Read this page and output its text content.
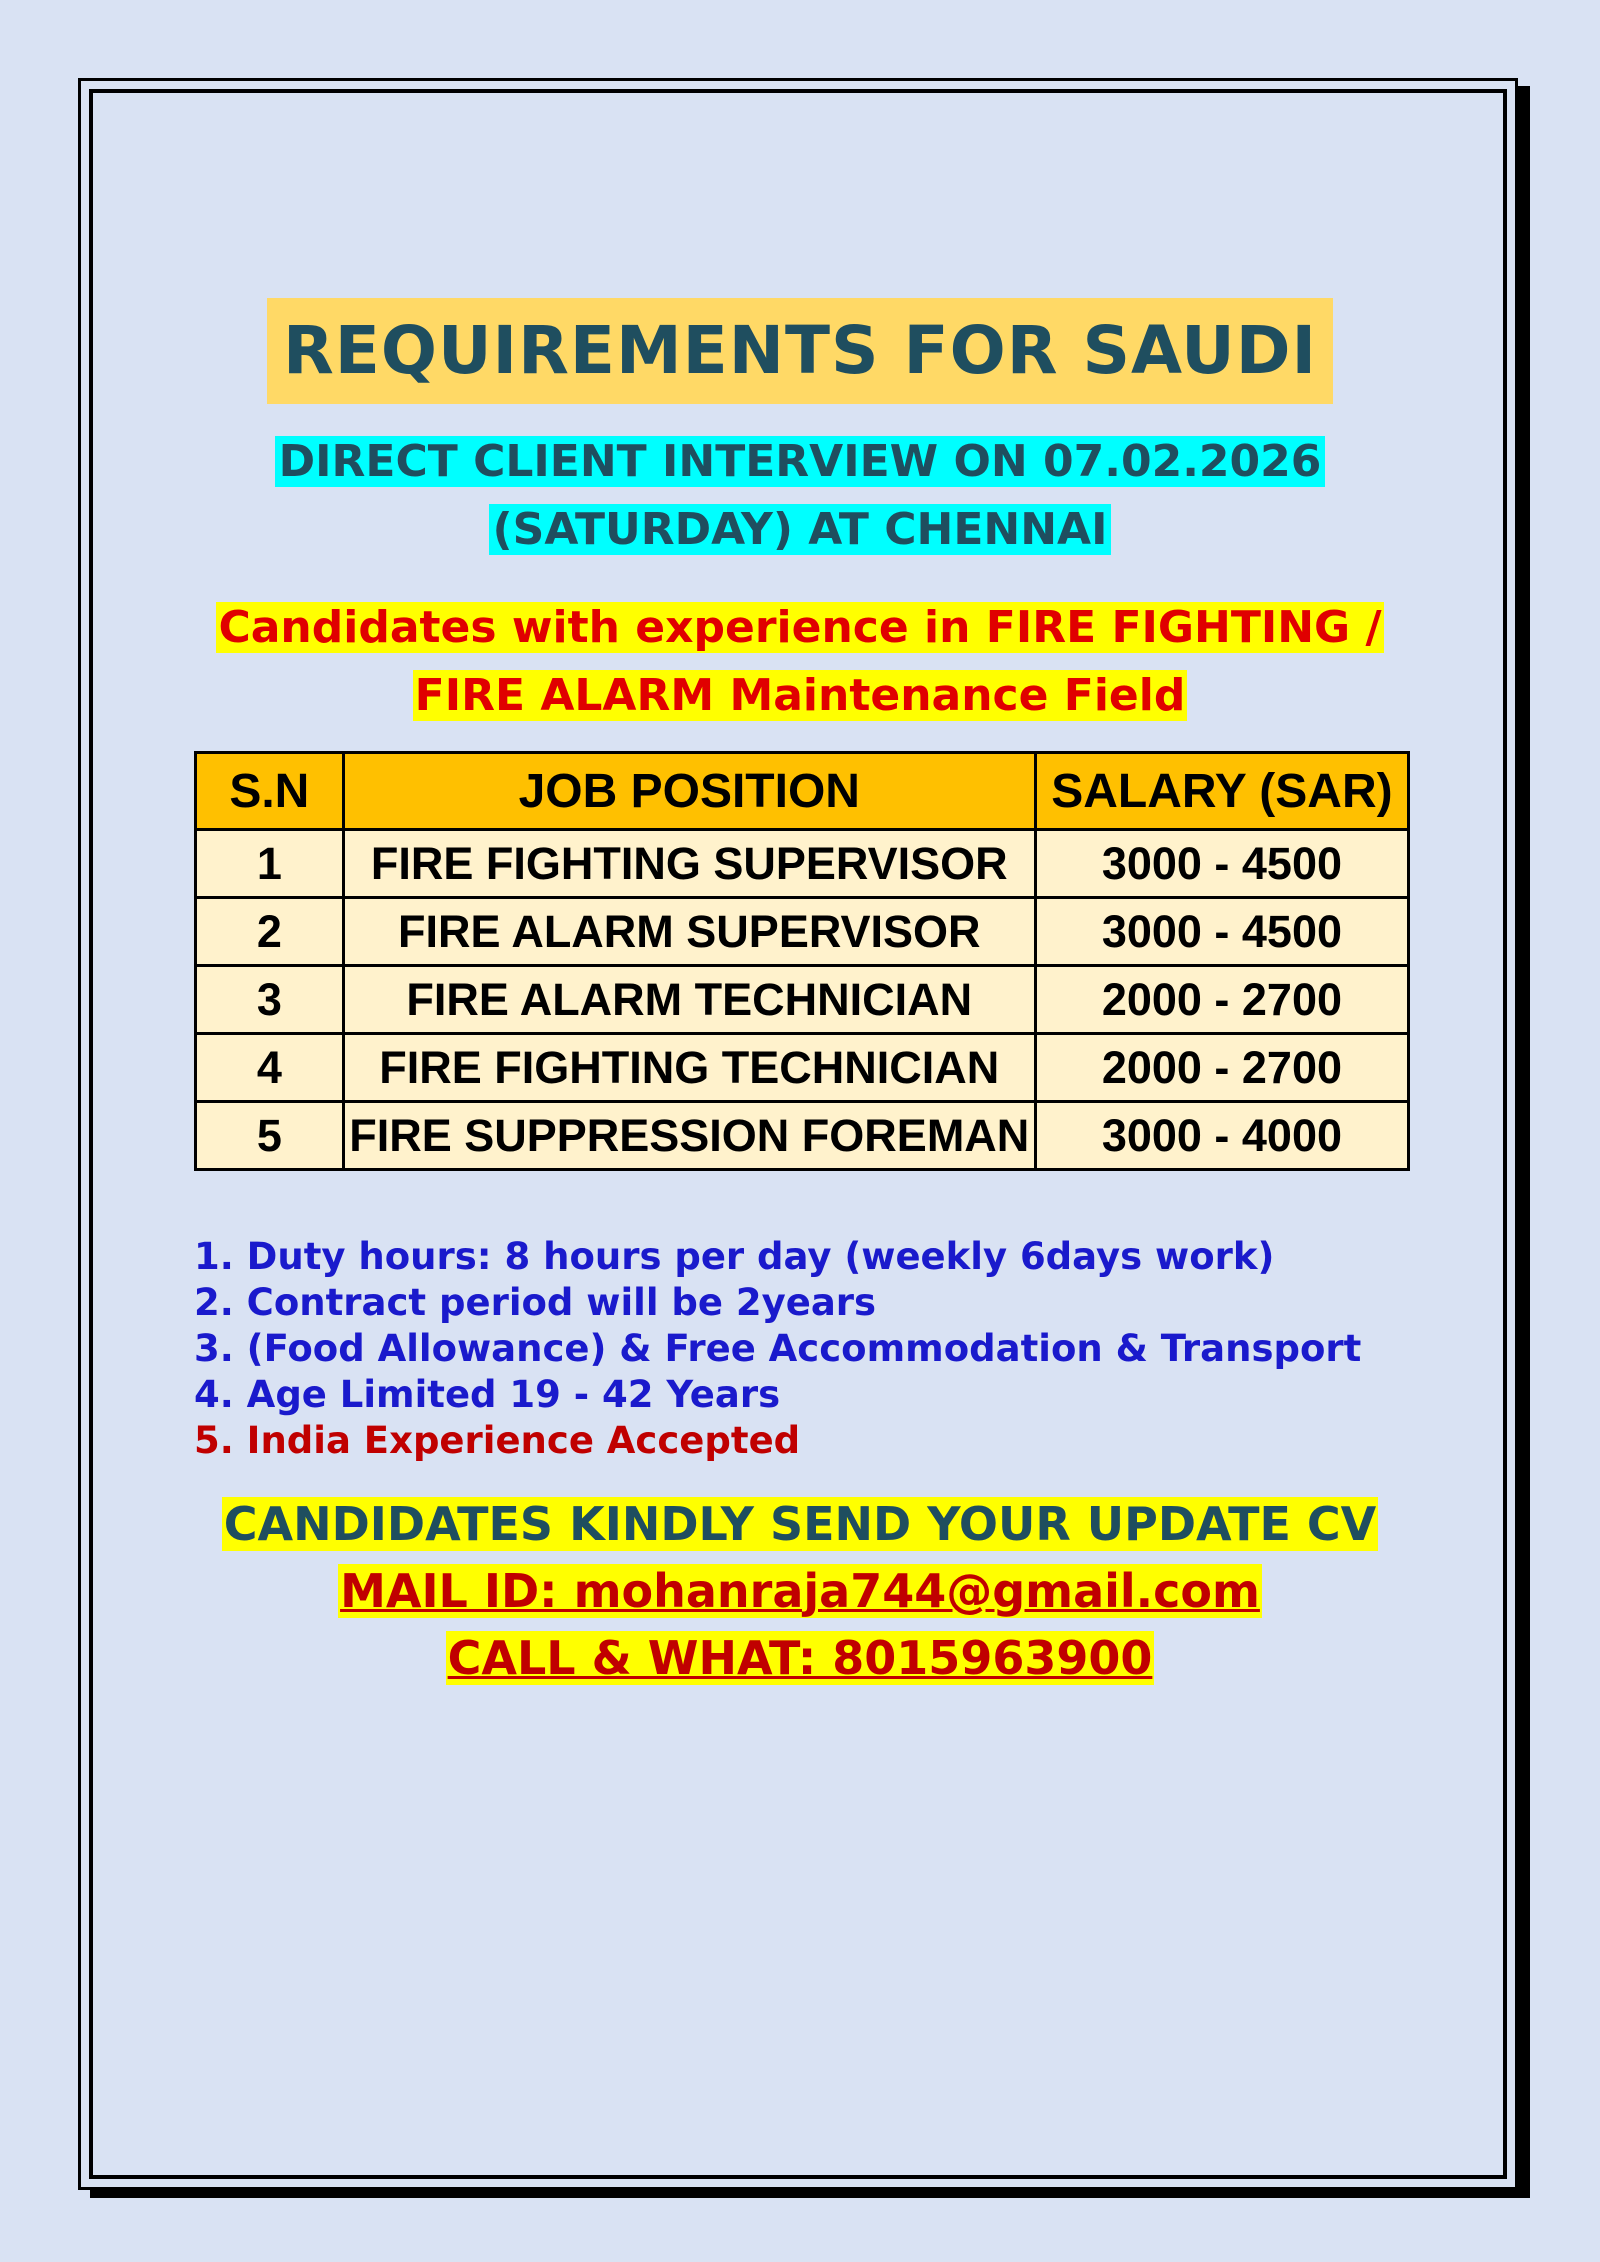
REQUIREMENTS FOR SAUDI
DIRECT CLIENT INTERVIEW ON 07.02.2026
(SATURDAY) AT CHENNAI
Candidates with experience in FIRE FIGHTING /
FIRE ALARM Maintenance Field
S.N	JOB POSITION	SALARY (SAR)
1	FIRE FIGHTING SUPERVISOR	3000 - 4500
2	FIRE ALARM SUPERVISOR	3000 - 4500
3	FIRE ALARM TECHNICIAN	2000 - 2700
4	FIRE FIGHTING TECHNICIAN	2000 - 2700
5	FIRE SUPPRESSION FOREMAN	3000 - 4000
1. Duty hours: 8 hours per day (weekly 6days work)
2. Contract period will be 2years
3. (Food Allowance) & Free Accommodation & Transport
4. Age Limited 19 - 42 Years
5. India Experience Accepted
CANDIDATES KINDLY SEND YOUR UPDATE CV
MAIL ID: mohanraja744@gmail.com
CALL & WHAT: 8015963900
